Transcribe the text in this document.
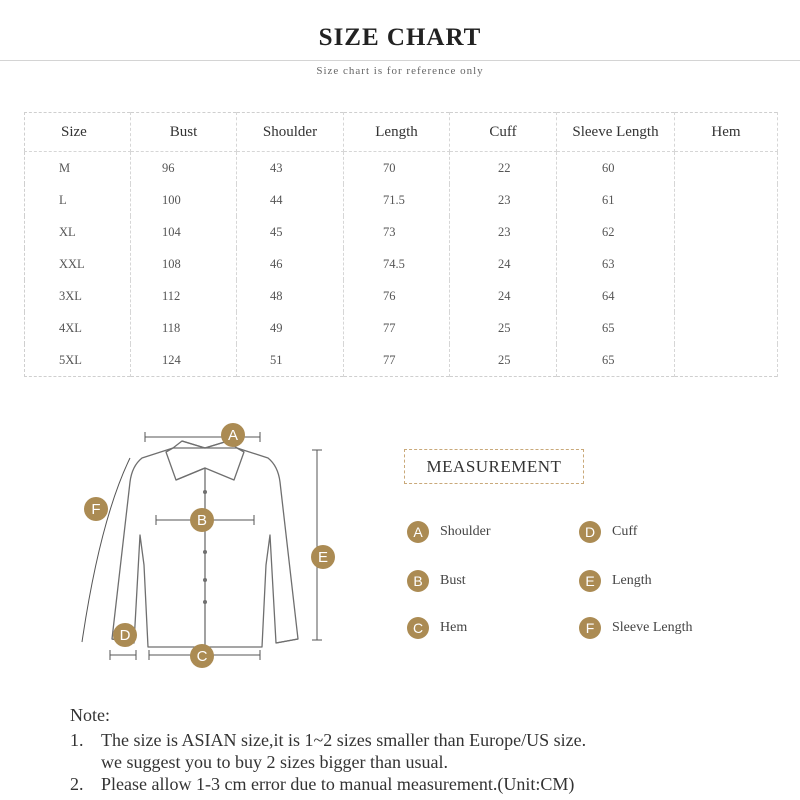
SIZE CHART
Size chart is for reference only
Size	Bust	Shoulder	Length	Cuff	Sleeve Length	Hem
M	96	43	70	22	60	
L	100	44	71.5	23	61	
XL	104	45	73	23	62	
XXL	108	46	74.5	24	63	
3XL	112	48	76	24	64	
4XL	118	49	77	25	65	
5XL	124	51	77	25	65	
A
B
C
D
E
F
MEASUREMENT
A	Shoulder
B	Bust
C	Hem
D	Cuff
E	Length
F	Sleeve Length
Note:
1. The size is ASIAN size,it is 1~2 sizes smaller than Europe/US size.
we suggest you to buy 2 sizes bigger than usual.
2. Please allow 1-3 cm error due to manual measurement.(Unit:CM)
